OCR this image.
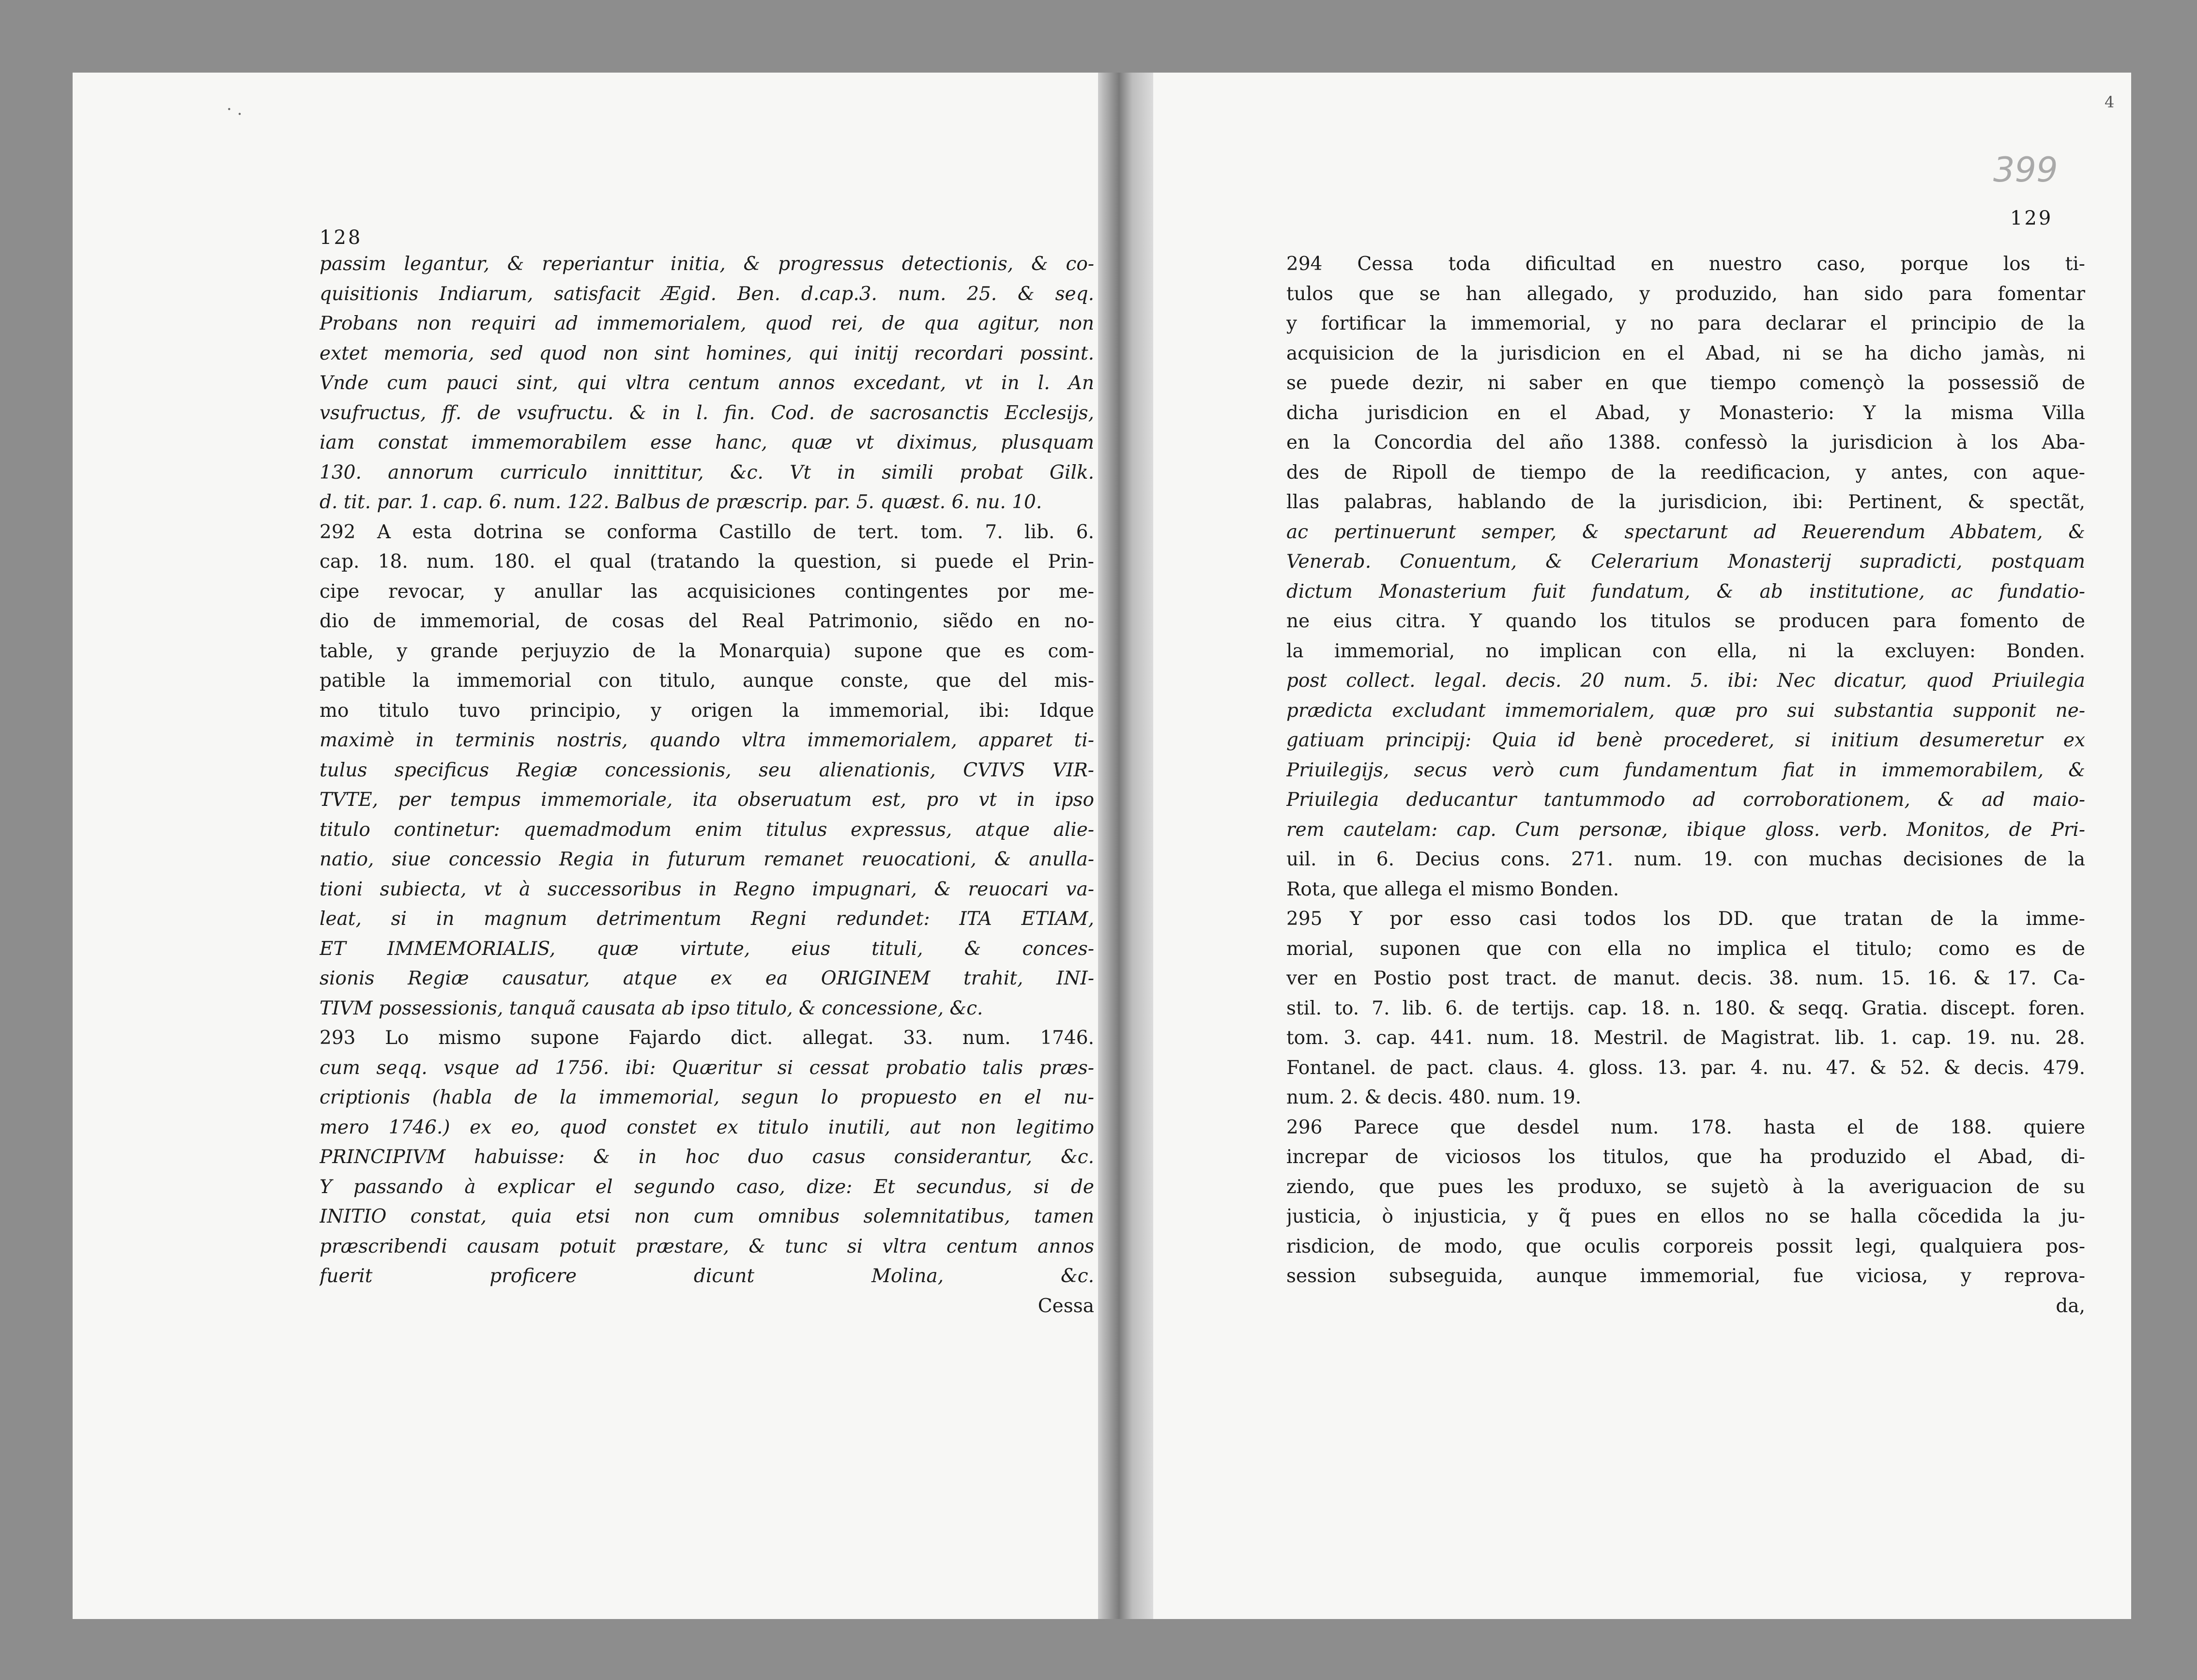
· .
128
passim legantur, & reperiantur initia, & progressus detectionis, & co-
quisitionis Indiarum, satisfacit Ægid. Ben. d.cap.3. num. 25. & seq.
Probans non requiri ad immemorialem, quod rei, de qua agitur, non
extet memoria, sed quod non sint homines, qui initij recordari possint.
Vnde cum pauci sint, qui vltra centum annos excedant, vt in l. An
vsufructus, ff. de vsufructu. & in l. fin. Cod. de sacrosanctis Ecclesijs,
iam constat immemorabilem esse hanc, quæ vt diximus, plusquam
130. annorum curriculo innittitur, &c. Vt in simili probat Gilk.
d. tit. par. 1. cap. 6. num. 122. Balbus de præscrip. par. 5. quæst. 6. nu. 10.
292 A esta dotrina se conforma Castillo de tert. tom. 7. lib. 6.
cap. 18. num. 180. el qual (tratando la question, si puede el Prin-
cipe revocar, y anullar las acquisiciones contingentes por me-
dio de immemorial, de cosas del Real Patrimonio, siẽdo en no-
table, y grande perjuyzio de la Monarquia) supone que es com-
patible la immemorial con titulo, aunque conste, que del mis-
mo titulo tuvo principio, y origen la immemorial, ibi: Idque
maximè in terminis nostris, quando vltra immemorialem, apparet ti-
tulus specificus Regiæ concessionis, seu alienationis, CVIVS VIR-
TVTE, per tempus immemoriale, ita obseruatum est, pro vt in ipso
titulo continetur: quemadmodum enim titulus expressus, atque alie-
natio, siue concessio Regia in futurum remanet reuocationi, & anulla-
tioni subiecta, vt à successoribus in Regno impugnari, & reuocari va-
leat, si in magnum detrimentum Regni redundet: ITA ETIAM,
ET IMMEMORIALIS, quæ virtute, eius tituli, & conces-
sionis Regiæ causatur, atque ex ea ORIGINEM trahit, INI-
TIVM possessionis, tanquã causata ab ipso titulo, & concessione, &c.
293 Lo mismo supone Fajardo dict. allegat. 33. num. 1746.
cum seqq. vsque ad 1756. ibi: Quæritur si cessat probatio talis præs-
criptionis (habla de la immemorial, segun lo propuesto en el nu-
mero 1746.) ex eo, quod constet ex titulo inutili, aut non legitimo
PRINCIPIVM habuisse: & in hoc duo casus considerantur, &c.
Y passando à explicar el segundo caso, dize: Et secundus, si de
INITIO constat, quia etsi non cum omnibus solemnitatibus, tamen
præscribendi causam potuit præstare, & tunc si vltra centum annos
fuerit proficere dicunt Molina, &c.
Cessa
4
399
129
294 Cessa toda dificultad en nuestro caso, porque los ti-
tulos que se han allegado, y produzido, han sido para fomentar
y fortificar la immemorial, y no para declarar el principio de la
acquisicion de la jurisdicion en el Abad, ni se ha dicho jamàs, ni
se puede dezir, ni saber en que tiempo començò la possessiõ de
dicha jurisdicion en el Abad, y Monasterio: Y la misma Villa
en la Concordia del año 1388. confessò la jurisdicion à los Aba-
des de Ripoll de tiempo de la reedificacion, y antes, con aque-
llas palabras, hablando de la jurisdicion, ibi: Pertinent, & spectãt,
ac pertinuerunt semper, & spectarunt ad Reuerendum Abbatem, &
Venerab. Conuentum, & Celerarium Monasterij supradicti, postquam
dictum Monasterium fuit fundatum, & ab institutione, ac fundatio-
ne eius citra. Y quando los titulos se producen para fomento de
la immemorial, no implican con ella, ni la excluyen: Bonden.
post collect. legal. decis. 20 num. 5. ibi: Nec dicatur, quod Priuilegia
prædicta excludant immemorialem, quæ pro sui substantia supponit ne-
gatiuam principij: Quia id benè procederet, si initium desumeretur ex
Priuilegijs, secus verò cum fundamentum fiat in immemorabilem, &
Priuilegia deducantur tantummodo ad corroborationem, & ad maio-
rem cautelam: cap. Cum personæ, ibique gloss. verb. Monitos, de Pri-
uil. in 6. Decius cons. 271. num. 19. con muchas decisiones de la
Rota, que allega el mismo Bonden.
295 Y por esso casi todos los DD. que tratan de la imme-
morial, suponen que con ella no implica el titulo; como es de
ver en Postio post tract. de manut. decis. 38. num. 15. 16. & 17. Ca-
stil. to. 7. lib. 6. de tertijs. cap. 18. n. 180. & seqq. Gratia. discept. foren.
tom. 3. cap. 441. num. 18. Mestril. de Magistrat. lib. 1. cap. 19. nu. 28.
Fontanel. de pact. claus. 4. gloss. 13. par. 4. nu. 47. & 52. & decis. 479.
num. 2. & decis. 480. num. 19.
296 Parece que desdel num. 178. hasta el de 188. quiere
increpar de viciosos los titulos, que ha produzido el Abad, di-
ziendo, que pues les produxo, se sujetò à la averiguacion de su
justicia, ò injusticia, y q̃ pues en ellos no se halla cõcedida la ju-
risdicion, de modo, que oculis corporeis possit legi, qualquiera pos-
session subseguida, aunque immemorial, fue viciosa, y reprova-
da,
